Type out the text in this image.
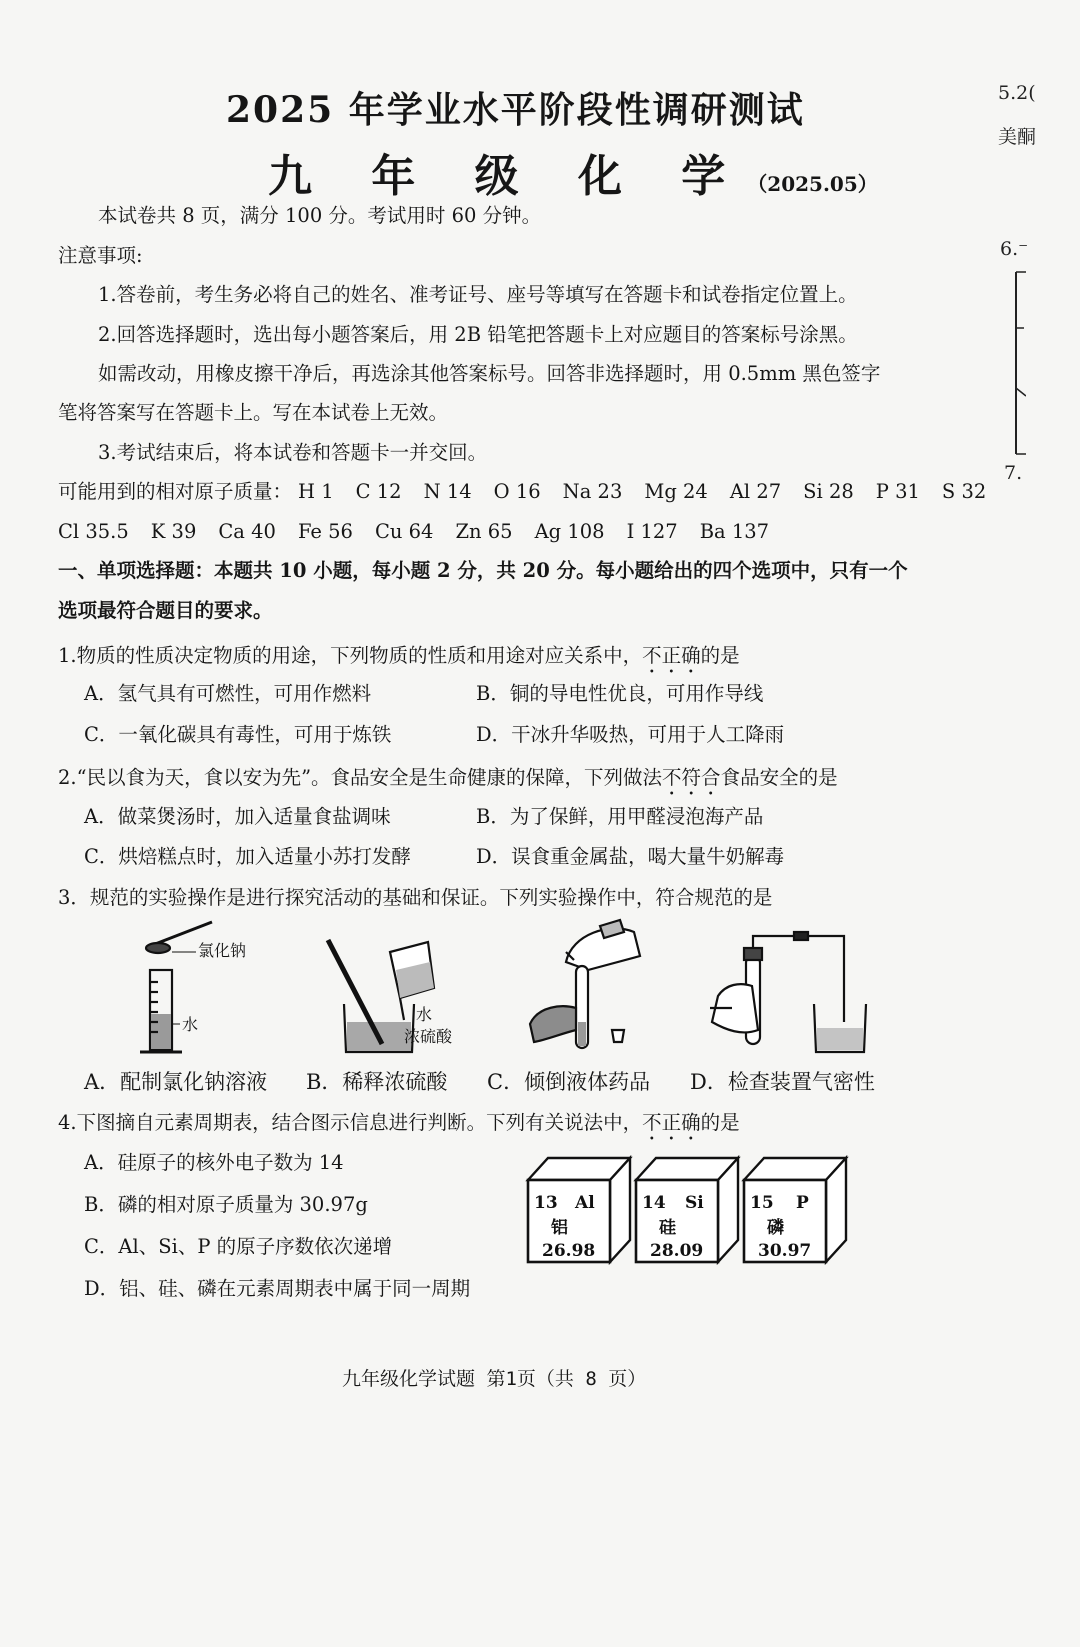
2025 年学业水平阶段性调研测试
九 年 级 化 学（2025.05）
本试卷共 8 页，满分 100 分。考试用时 60 分钟。
注意事项:
1.答卷前，考生务必将自己的姓名、准考证号、座号等填写在答题卡和试卷指定位置上。
2.回答选择题时，选出每小题答案后，用 2B 铅笔把答题卡上对应题目的答案标号涂黑。
如需改动，用橡皮擦干净后，再选涂其他答案标号。回答非选择题时，用 0.5mm 黑色签字
笔将答案写在答题卡上。写在本试卷上无效。
3.考试结束后，将本试卷和答题卡一并交回。
可能用到的相对原子质量： H 1 C 12 N 14 O 16 Na 23 Mg 24 Al 27 Si 28 P 31 S 32
Cl 35.5 K 39 Ca 40 Fe 56 Cu 64 Zn 65 Ag 108 I 127 Ba 137
一、单项选择题：本题共 10 小题，每小题 2 分，共 20 分。每小题给出的四个选项中，只有一个
选项最符合题目的要求。
1.物质的性质决定物质的用途，下列物质的性质和用途对应关系中，不正确的是
A．氢气具有可燃性，可用作燃料	B．铜的导电性优良，可用作导线
C．一氧化碳具有毒性，可用于炼铁	D．干冰升华吸热，可用于人工降雨
2.“民以食为天，食以安为先”。食品安全是生命健康的保障，下列做法不符合食品安全的是
A．做菜煲汤时，加入适量食盐调味	B．为了保鲜，用甲醛浸泡海产品
C．烘焙糕点时，加入适量小苏打发酵	D．误食重金属盐，喝大量牛奶解毒
3．规范的实验操作是进行探究活动的基础和保证。下列实验操作中，符合规范的是
氯化钠
水
水
浓硫酸
A．配制氯化钠溶液 B．稀释浓硫酸 C．倾倒液体药品 D．检查装置气密性
4.下图摘自元素周期表，结合图示信息进行判断。下列有关说法中，不正确的是
A．硅原子的核外电子数为 14
B．磷的相对原子质量为 30.97g
C．Al、Si、P 的原子序数依次递增
D．铝、硅、磷在元素周期表中属于同一周期
13 Al
铝
26.98
14 Si
硅
28.09
15 P
磷
30.97
九年级化学试题 第1页（共 8 页）
5.2(
美酮
6.⁻
7.
